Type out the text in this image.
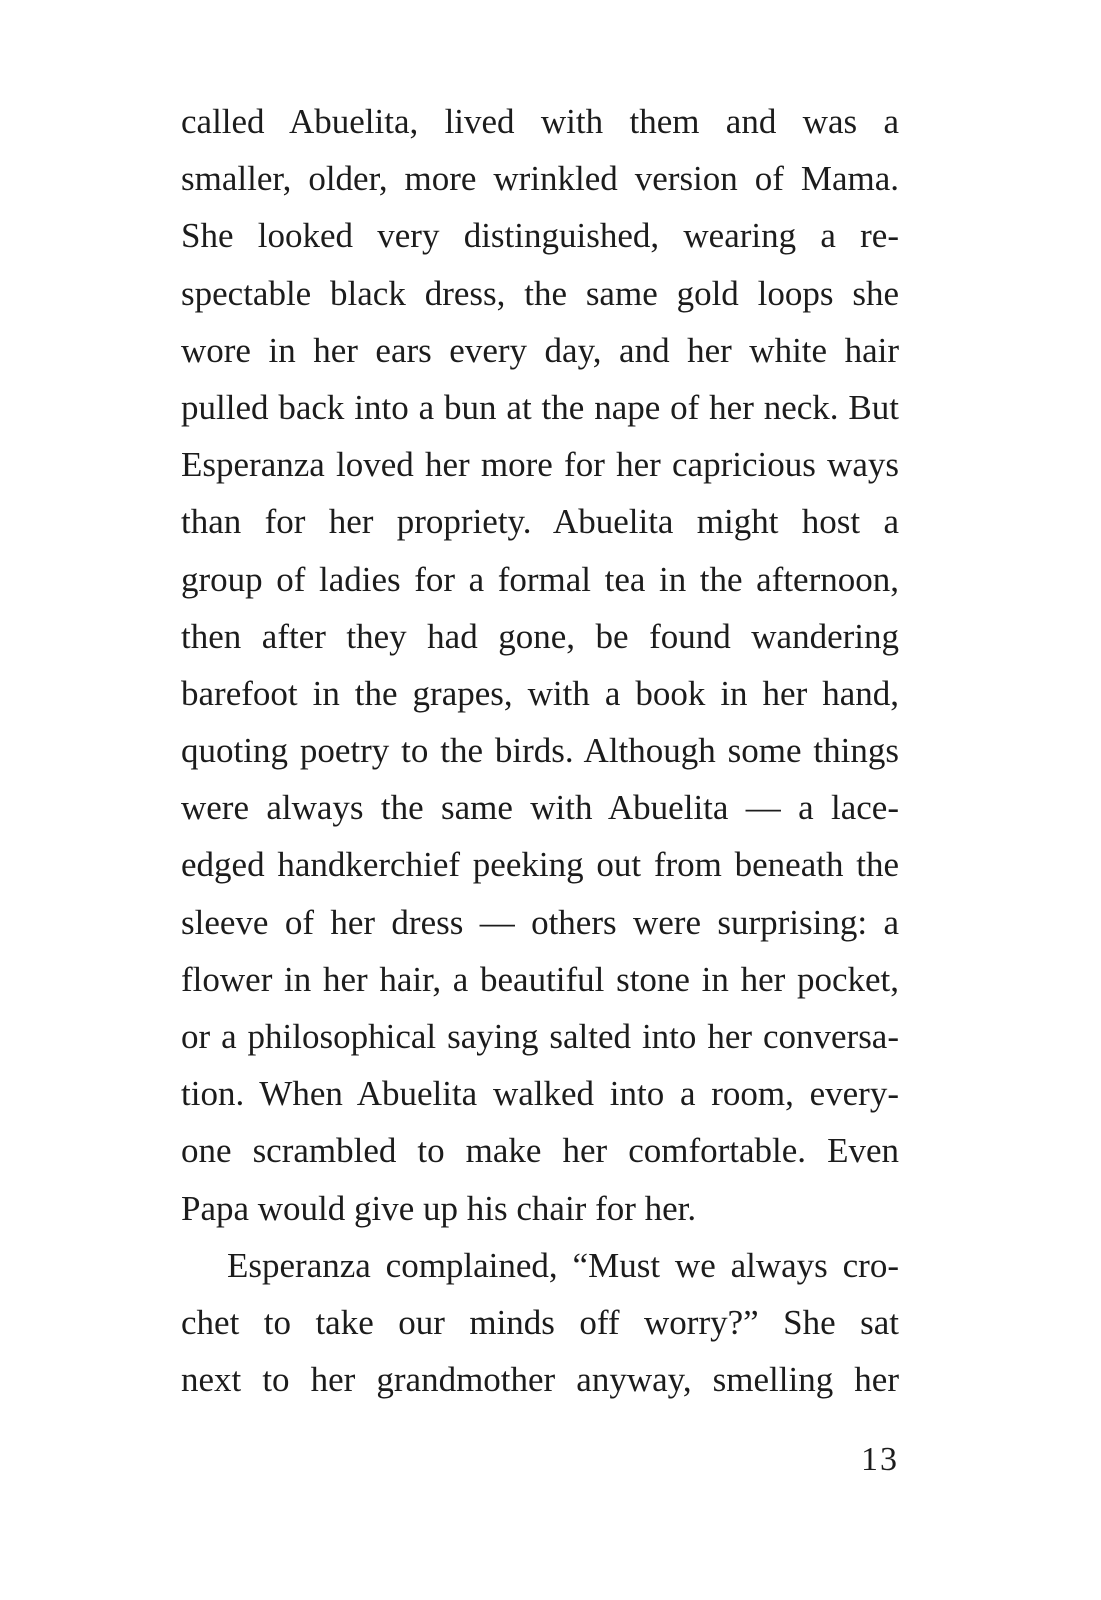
called Abuelita, lived with them and was a
smaller, older, more wrinkled version of Mama.
She looked very distinguished, wearing a re-
spectable black dress, the same gold loops she
wore in her ears every day, and her white hair
pulled back into a bun at the nape of her neck. But
Esperanza loved her more for her capricious ways
than for her propriety. Abuelita might host a
group of ladies for a formal tea in the afternoon,
then after they had gone, be found wandering
barefoot in the grapes, with a book in her hand,
quoting poetry to the birds. Although some things
were always the same with Abuelita — a lace-
edged handkerchief peeking out from beneath the
sleeve of her dress — others were surprising: a
flower in her hair, a beautiful stone in her pocket,
or a philosophical saying salted into her conversa-
tion. When Abuelita walked into a room, every-
one scrambled to make her comfortable. Even
Papa would give up his chair for her.
Esperanza complained, “Must we always cro-
chet to take our minds off worry?” She sat
next to her grandmother anyway, smelling her
13
